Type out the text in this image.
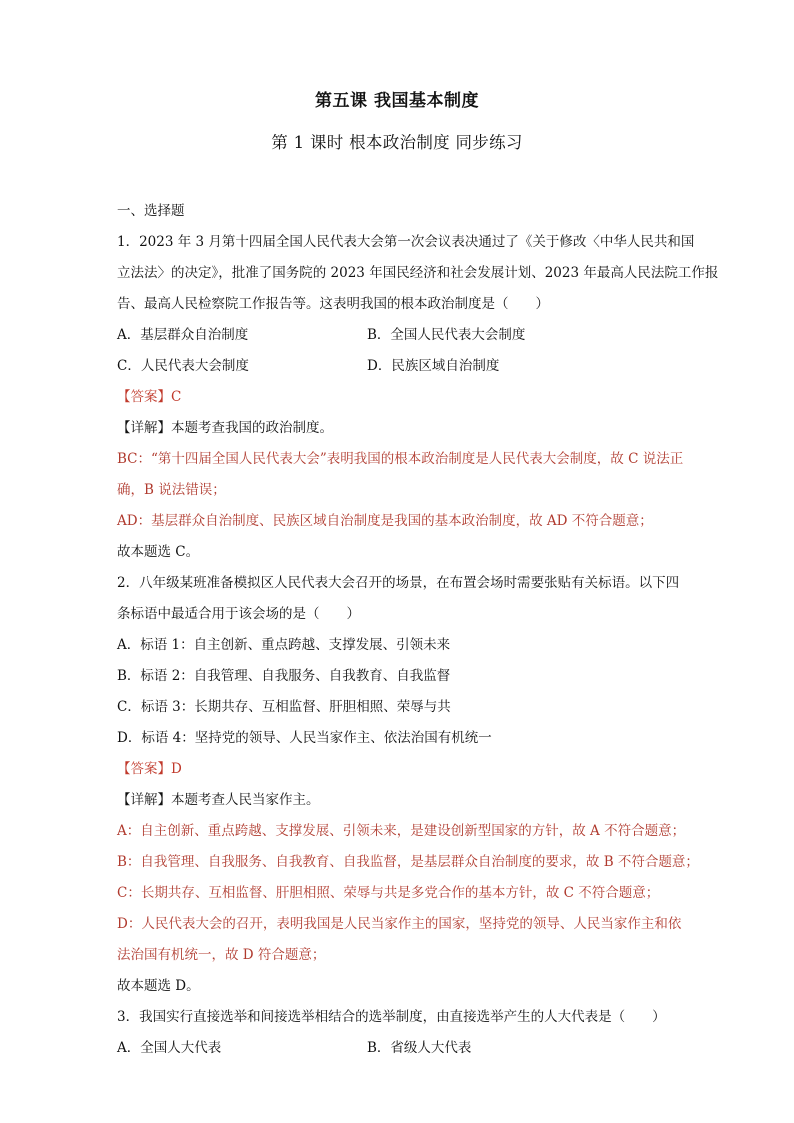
第五课 我国基本制度
第 1 课时 根本政治制度 同步练习

一、选择题

1．2023 年 3 月第十四届全国人民代表大会第一次会议表决通过了《关于修改〈中华人民共和国

立法法〉的决定》，批准了国务院的 2023 年国民经济和社会发展计划、2023 年最高人民法院工作报

告、最高人民检察院工作报告等。这表明我国的根本政治制度是（　　）

A．基层群众自治制度	B．全国人民代表大会制度
C．人民代表大会制度	D．民族区域自治制度

【答案】C

【详解】本题考查我国的政治制度。

BC：“第十四届全国人民代表大会”表明我国的根本政治制度是人民代表大会制度，故 C 说法正

确，B 说法错误；

AD：基层群众自治制度、民族区域自治制度是我国的基本政治制度，故 AD 不符合题意；

故本题选 C。

2．八年级某班准备模拟区人民代表大会召开的场景，在布置会场时需要张贴有关标语。以下四

条标语中最适合用于该会场的是（　　）

A．标语 1：自主创新、重点跨越、支撑发展、引领未来

B．标语 2：自我管理、自我服务、自我教育、自我监督

C．标语 3：长期共存、互相监督、肝胆相照、荣辱与共

D．标语 4：坚持党的领导、人民当家作主、依法治国有机统一

【答案】D

【详解】本题考查人民当家作主。

A：自主创新、重点跨越、支撑发展、引领未来，是建设创新型国家的方针，故 A 不符合题意；

B：自我管理、自我服务、自我教育、自我监督，是基层群众自治制度的要求，故 B 不符合题意；

C：长期共存、互相监督、肝胆相照、荣辱与共是多党合作的基本方针，故 C 不符合题意；

D：人民代表大会的召开，表明我国是人民当家作主的国家，坚持党的领导、人民当家作主和依

法治国有机统一，故 D 符合题意；

故本题选 D。

3．我国实行直接选举和间接选举相结合的选举制度，由直接选举产生的人大代表是（　　）

A．全国人大代表	B．省级人大代表
